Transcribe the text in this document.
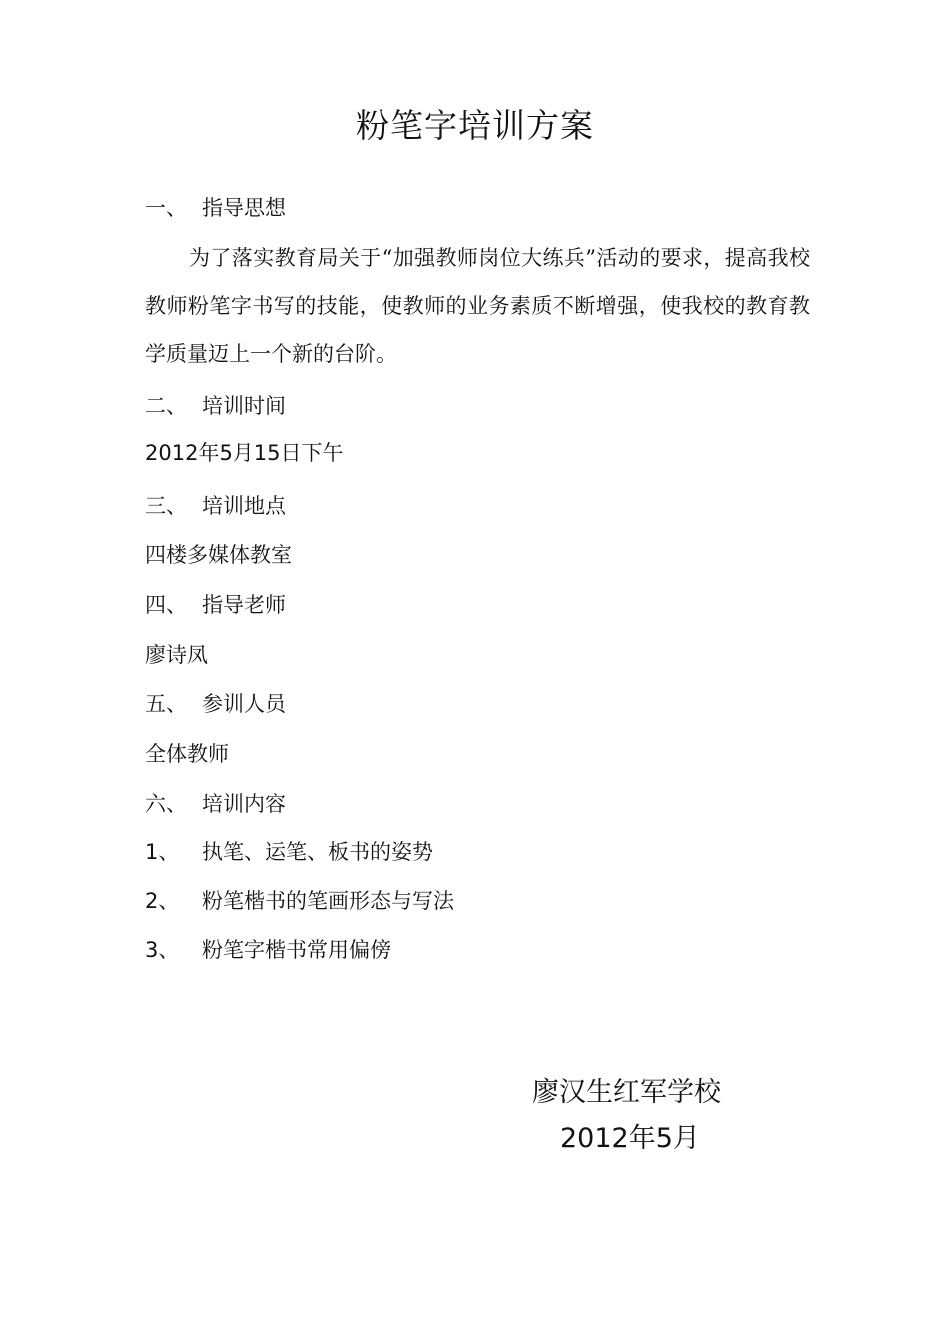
粉笔字培训方案
一、 指导思想
为了落实教育局关于“加强教师岗位大练兵”活动的要求，提高我校教师粉笔字书写的技能，使教师的业务素质不断增强，使我校的教育教学质量迈上一个新的台阶。
二、 培训时间
2012年5月15日下午
三、 培训地点
四楼多媒体教室
四、 指导老师
廖诗凤
五、 参训人员
全体教师
六、 培训内容
1、 执笔、运笔、板书的姿势
2、 粉笔楷书的笔画形态与写法
3、 粉笔字楷书常用偏傍
廖汉生红军学校
2012年5月
